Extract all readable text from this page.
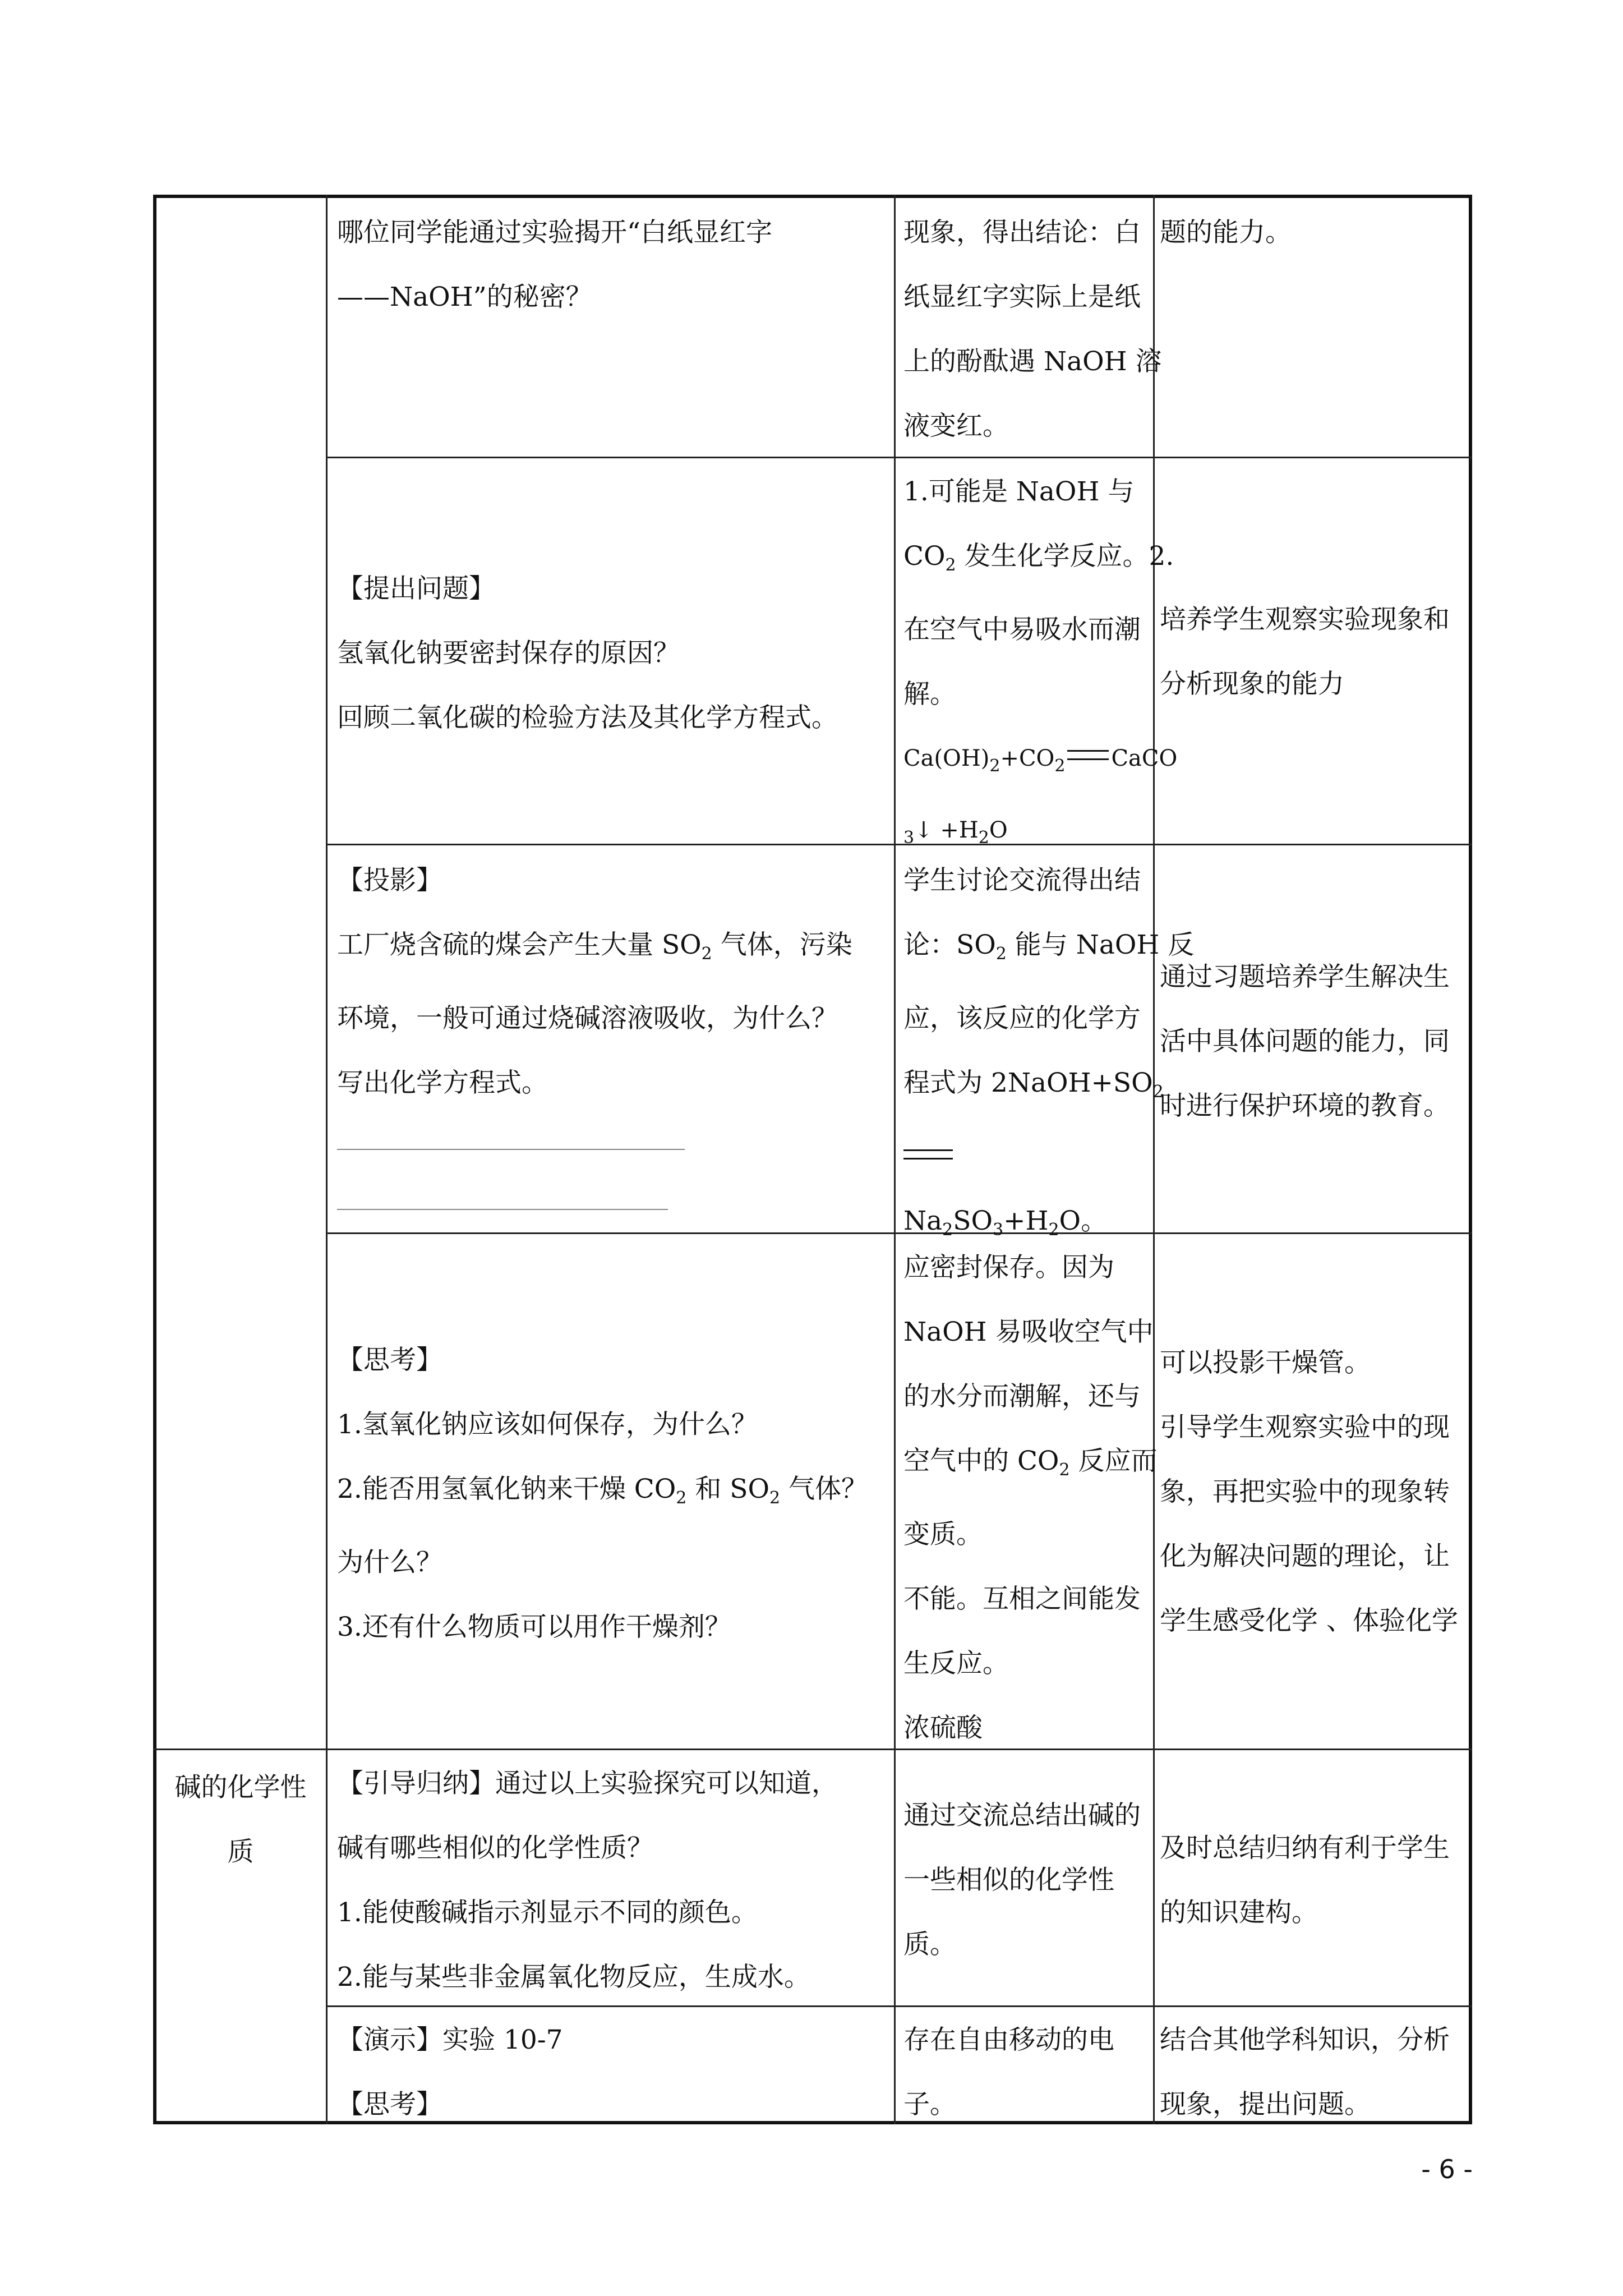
哪位同学能通过实验揭开“白纸显红字
——NaOH”的秘密？
现象，得出结论：白
纸显红字实际上是纸
上的酚酞遇 NaOH 溶
液变红。
题的能力。
【提出问题】
氢氧化钠要密封保存的原因？
回顾二氧化碳的检验方法及其化学方程式。
1.可能是 NaOH 与
$CO_2$ 发生化学反应。2.
在空气中易吸水而潮
解。
$Ca(OH)_2+CO_2$ CaCO
$_3$↓ $+H_2O$
培养学生观察实验现象和
分析现象的能力
【投影】
工厂烧含硫的煤会产生大量 $SO_2$ 气体，污染
环境，一般可通过烧碱溶液吸收，为什么？
写出化学方程式。
学生讨论交流得出结
论：$SO_2$ 能与 NaOH 反
应，该反应的化学方
程式为 $2NaOH+SO_2$
$Na_2SO_3+H_2O$。
通过习题培养学生解决生
活中具体问题的能力，同
时进行保护环境的教育。
【思考】
1.氢氧化钠应该如何保存，为什么？
2.能否用氢氧化钠来干燥 $CO_2$ 和 $SO_2$ 气体？
为什么？
3.还有什么物质可以用作干燥剂？
应密封保存。因为
NaOH 易吸收空气中
的水分而潮解，还与
空气中的 $CO_2$ 反应而
变质。
不能。互相之间能发
生反应。
浓硫酸
可以投影干燥管。
引导学生观察实验中的现
象，再把实验中的现象转
化为解决问题的理论，让
学生感受化学 、体验化学
碱的化学性
质
【引导归纳】通过以上实验探究可以知道，
碱有哪些相似的化学性质？
1.能使酸碱指示剂显示不同的颜色。
2.能与某些非金属氧化物反应，生成水。
通过交流总结出碱的
一些相似的化学性
质。
及时总结归纳有利于学生
的知识建构。
【演示】实验 10-7
【思考】
存在自由移动的电
子。
结合其他学科知识，分析
现象，提出问题。
- 6 -
